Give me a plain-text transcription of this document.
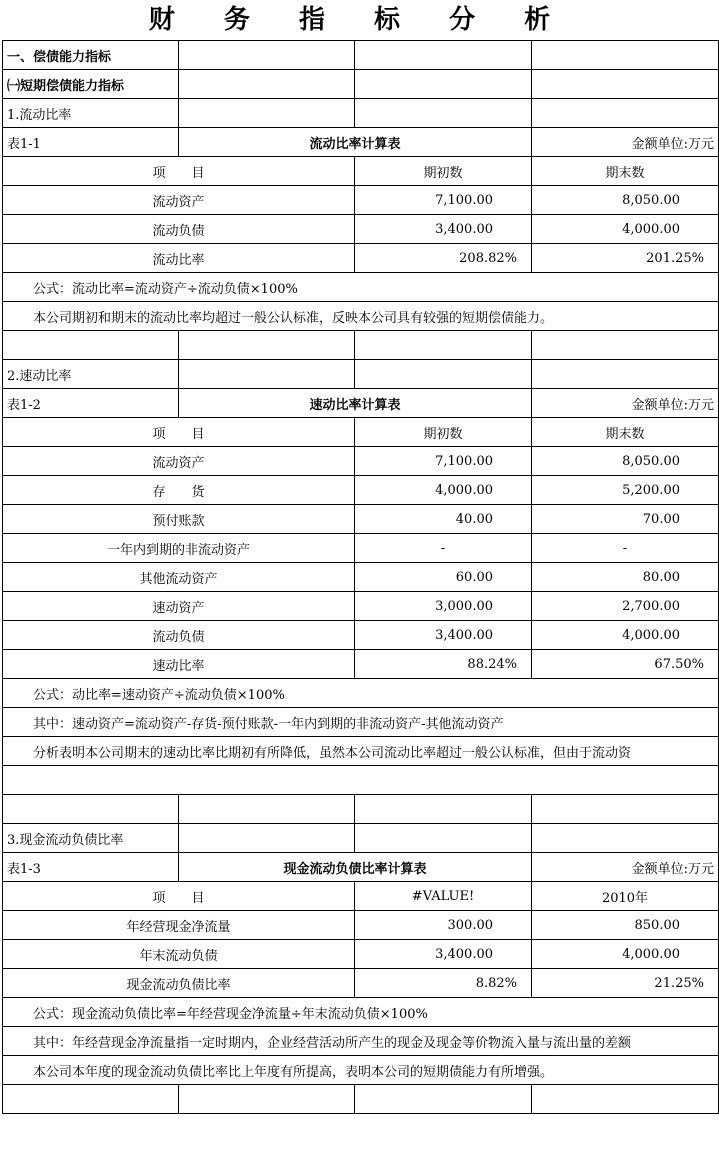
财 务 指 标 分 析
一、偿债能力指标			
㈠短期偿债能力指标			
1.流动比率			
表1-1	流动比率计算表		金额单位:万元
项　　目		期初数	期末数
流动资产		7,100.00	8,050.00
流动负债		3,400.00	4,000.00
流动比率		208.82%	201.25%
公式：流动比率=流动资产÷流动负债×100%			
本公司期初和期末的流动比率均超过一般公认标准，反映本公司具有较强的短期偿债能力。			

2.速动比率			
表1-2	速动比率计算表		金额单位:万元
项　　目		期初数	期末数
流动资产		7,100.00	8,050.00
存　　货		4,000.00	5,200.00
预付账款		40.00	70.00
一年内到期的非流动资产		-	-
其他流动资产		60.00	80.00
速动资产		3,000.00	2,700.00
流动负债		3,400.00	4,000.00
速动比率		88.24%	67.50%
公式：动比率=速动资产÷流动负债×100%			
其中：速动资产=流动资产-存货-预付账款-一年内到期的非流动资产-其他流动资产			
分析表明本公司期末的速动比率比期初有所降低，虽然本公司流动比率超过一般公认标准，但由于流动资			

3.现金流动负债比率			
表1-3	现金流动负债比率计算表		金额单位:万元
项　　目		#VALUE!	2010年
年经营现金净流量		300.00	850.00
年末流动负债		3,400.00	4,000.00
现金流动负债比率		8.82%	21.25%
公式：现金流动负债比率=年经营现金净流量÷年末流动负债×100%			
其中：年经营现金净流量指一定时期内，企业经营活动所产生的现金及现金等价物流入量与流出量的差额			
本公司本年度的现金流动负债比率比上年度有所提高，表明本公司的短期债能力有所增强。			
